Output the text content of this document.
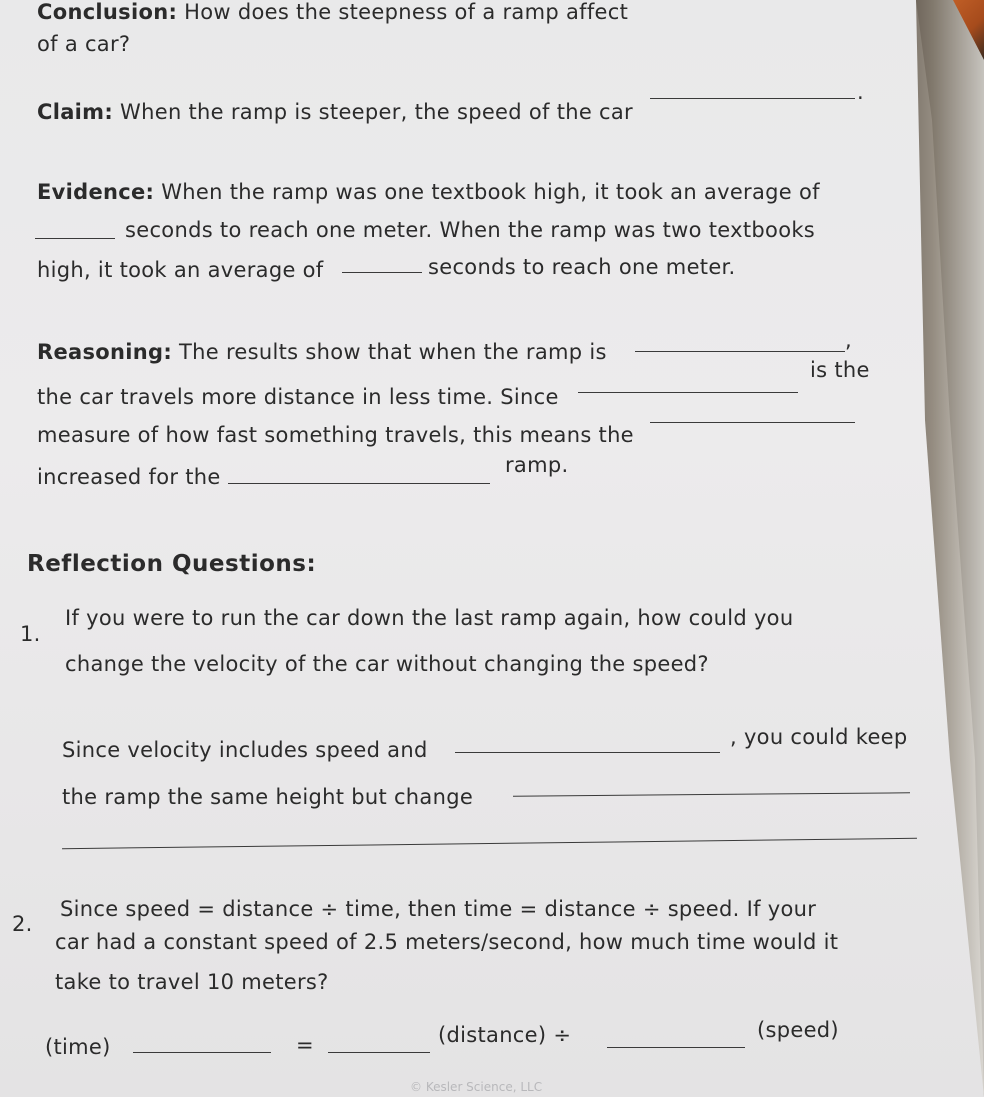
Conclusion: How does the steepness of a ramp affect
of a car?
Claim: When the ramp is steeper, the speed of the car
.
Evidence: When the ramp was one textbook high, it took an average of
seconds to reach one meter. When the ramp was two textbooks
high, it took an average of	seconds to reach one meter.
Reasoning: The results show that when the ramp is	,
the car travels more distance in less time. Since
is the
measure of how fast something travels, this means the
increased for the	ramp.
Reflection Questions:
1.
If you were to run the car down the last ramp again, how could you
change the velocity of the car without changing the speed?
Since velocity includes speed and
, you could keep
the ramp the same height but change
2.
Since speed = distance ÷ time, then time = distance ÷ speed. If your
car had a constant speed of 2.5 meters/second, how much time would it
take to travel 10 meters?
(time)	=	(distance) ÷	(speed)
© Kesler Science, LLC
